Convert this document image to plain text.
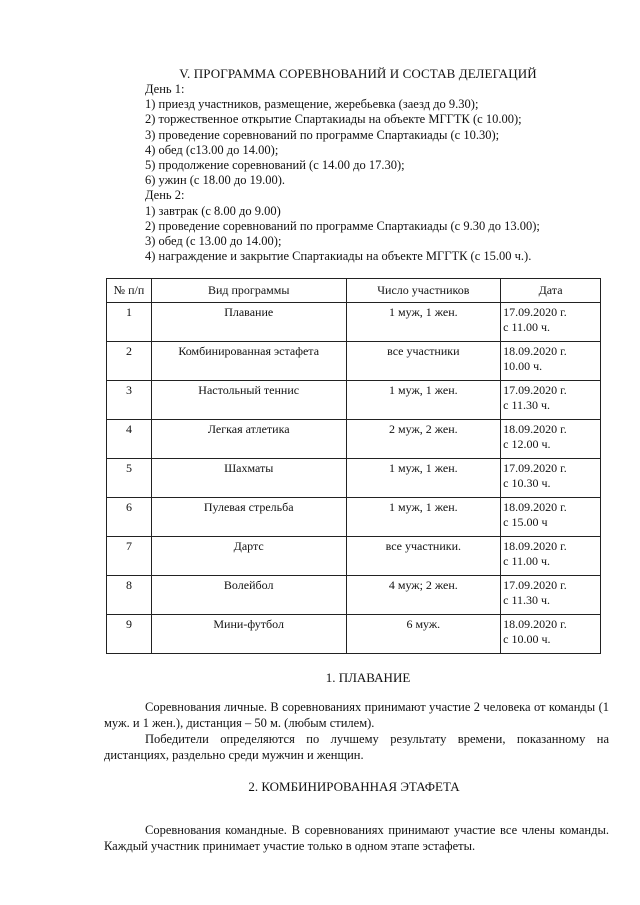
V. ПРОГРАММА СОРЕВНОВАНИЙ И СОСТАВ ДЕЛЕГАЦИЙ
День 1:
1) приезд участников, размещение, жеребьевка (заезд до 9.30);
2) торжественное открытие Спартакиады на объекте МГГТК (с 10.00);
3) проведение соревнований по программе Спартакиады (с 10.30);
4) обед (с13.00 до 14.00);
5) продолжение соревнований (с 14.00 до 17.30);
6) ужин (с 18.00 до 19.00).
День 2:
1) завтрак (с 8.00 до 9.00)
2) проведение соревнований по программе Спартакиады (с 9.30 до 13.00);
3) обед (с 13.00 до 14.00);
4) награждение и закрытие Спартакиады на объекте МГГТК (с 15.00 ч.).
№ п/п	Вид программы	Число участников	Дата
1	Плавание	1 муж, 1 жен.	17.09.2020 г.
с 11.00 ч.

2	Комбинированная эстафета	все участники	18.09.2020 г.
10.00 ч.

3	Настольный теннис	1 муж, 1 жен.	17.09.2020 г.
с 11.30 ч.

4	Легкая атлетика	2 муж, 2 жен.	18.09.2020 г.
с 12.00 ч.

5	Шахматы	1 муж, 1 жен.	17.09.2020 г.
с 10.30 ч.

6	Пулевая стрельба	1 муж, 1 жен.	18.09.2020 г.
с 15.00 ч

7	Дартс	все участники.	18.09.2020 г.
с 11.00 ч.

8	Волейбол	4 муж; 2 жен.	17.09.2020 г.
с 11.30 ч.

9	Мини-футбол	6 муж.	18.09.2020 г.
с 10.00 ч.
1. ПЛАВАНИЕ
Соревнования личные. В соревнованиях принимают участие 2 человека от команды (1 муж. и 1 жен.), дистанция – 50 м. (любым стилем).
Победители определяются по лучшему результату времени, показанному на дистанциях, раздельно среди мужчин и женщин.
2. КОМБИНИРОВАННАЯ ЭТАФЕТА
Соревнования командные. В соревнованиях принимают участие все члены команды. Каждый участник принимает участие только в одном этапе эстафеты.
